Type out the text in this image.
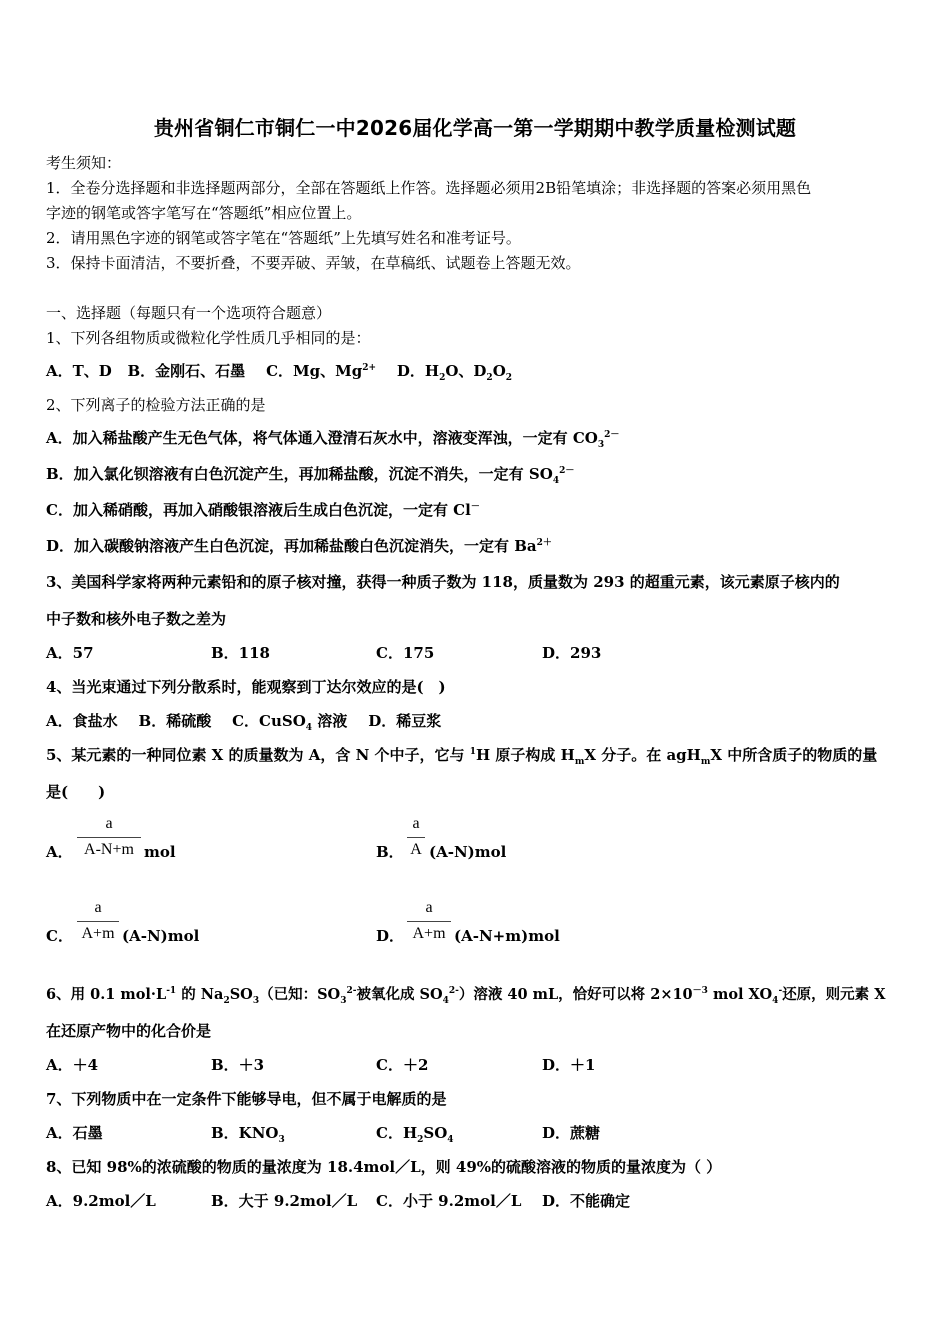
贵州省铜仁市铜仁一中2026届化学高一第一学期期中教学质量检测试题
考生须知：
1．全卷分选择题和非选择题两部分，全部在答题纸上作答。选择题必须用2B铅笔填涂；非选择题的答案必须用黑色
字迹的钢笔或答字笔写在“答题纸”相应位置上。
2．请用黑色字迹的钢笔或答字笔在“答题纸”上先填写姓名和准考证号。
3．保持卡面清洁，不要折叠，不要弄破、弄皱，在草稿纸、试题卷上答题无效。
一、选择题（每题只有一个选项符合题意）
1、下列各组物质或微粒化学性质几乎相同的是：
A．T、D B．金刚石、石墨 C．Mg、$Mg^{2+}$ D．$H_2O$、$D_2O_2$
2、下列离子的检验方法正确的是
A．加入稀盐酸产生无色气体，将气体通入澄清石灰水中，溶液变浑浊，一定有 $CO_3^{2-}$
B．加入氯化钡溶液有白色沉淀产生，再加稀盐酸，沉淀不消失，一定有 $SO_4^{2-}$
C．加入稀硝酸，再加入硝酸银溶液后生成白色沉淀，一定有 Cl－
D．加入碳酸钠溶液产生白色沉淀，再加稀盐酸白色沉淀消失，一定有 $Ba^{2+}$
3、美国科学家将两种元素铅和的原子核对撞，获得一种质子数为 118，质量数为 293 的超重元素，该元素原子核内的
中子数和核外电子数之差为
A．57	B．118	C．175	D．293
4、当光束通过下列分散系时，能观察到丁达尔效应的是(　)
A．食盐水 B．稀硫酸 C．CuSO$_4$ 溶液 D．稀豆浆
5、某元素的一种同位素 X 的质量数为 A，含 N 个中子，它与 $^1$H 原子构成 $H_mX$ 分子。在 agH$_m$X 中所含质子的物质的量
是(　　)
A．
a
A-N+m mol	B．
a
A (A-N)mol
C．
a
A+m (A-N)mol	D．
a
A+m (A-N+m)mol
6、用 0.1 $mol\cdot L^{-1}$ 的 $Na_2SO_3$（已知：$SO_3^{2-}$被氧化成 $SO_4^{2-}$）溶液 40 mL，恰好可以将 $2\times 10^{-3}$ mol $XO_4^-$还原，则元素 X
在还原产物中的化合价是
A．＋4	B．＋3	C．＋2	D．＋1
7、下列物质中在一定条件下能够导电，但不属于电解质的是
A．石墨	B．$KNO_3$	C．$H_2SO_4$	D．蔗糖
8、已知 98%的浓硫酸的物质的量浓度为 18.4mol／L，则 49%的硫酸溶液的物质的量浓度为（ ）
A．9.2mol／L	B．大于 9.2mol／L C．小于 9.2mol／L D．不能确定
